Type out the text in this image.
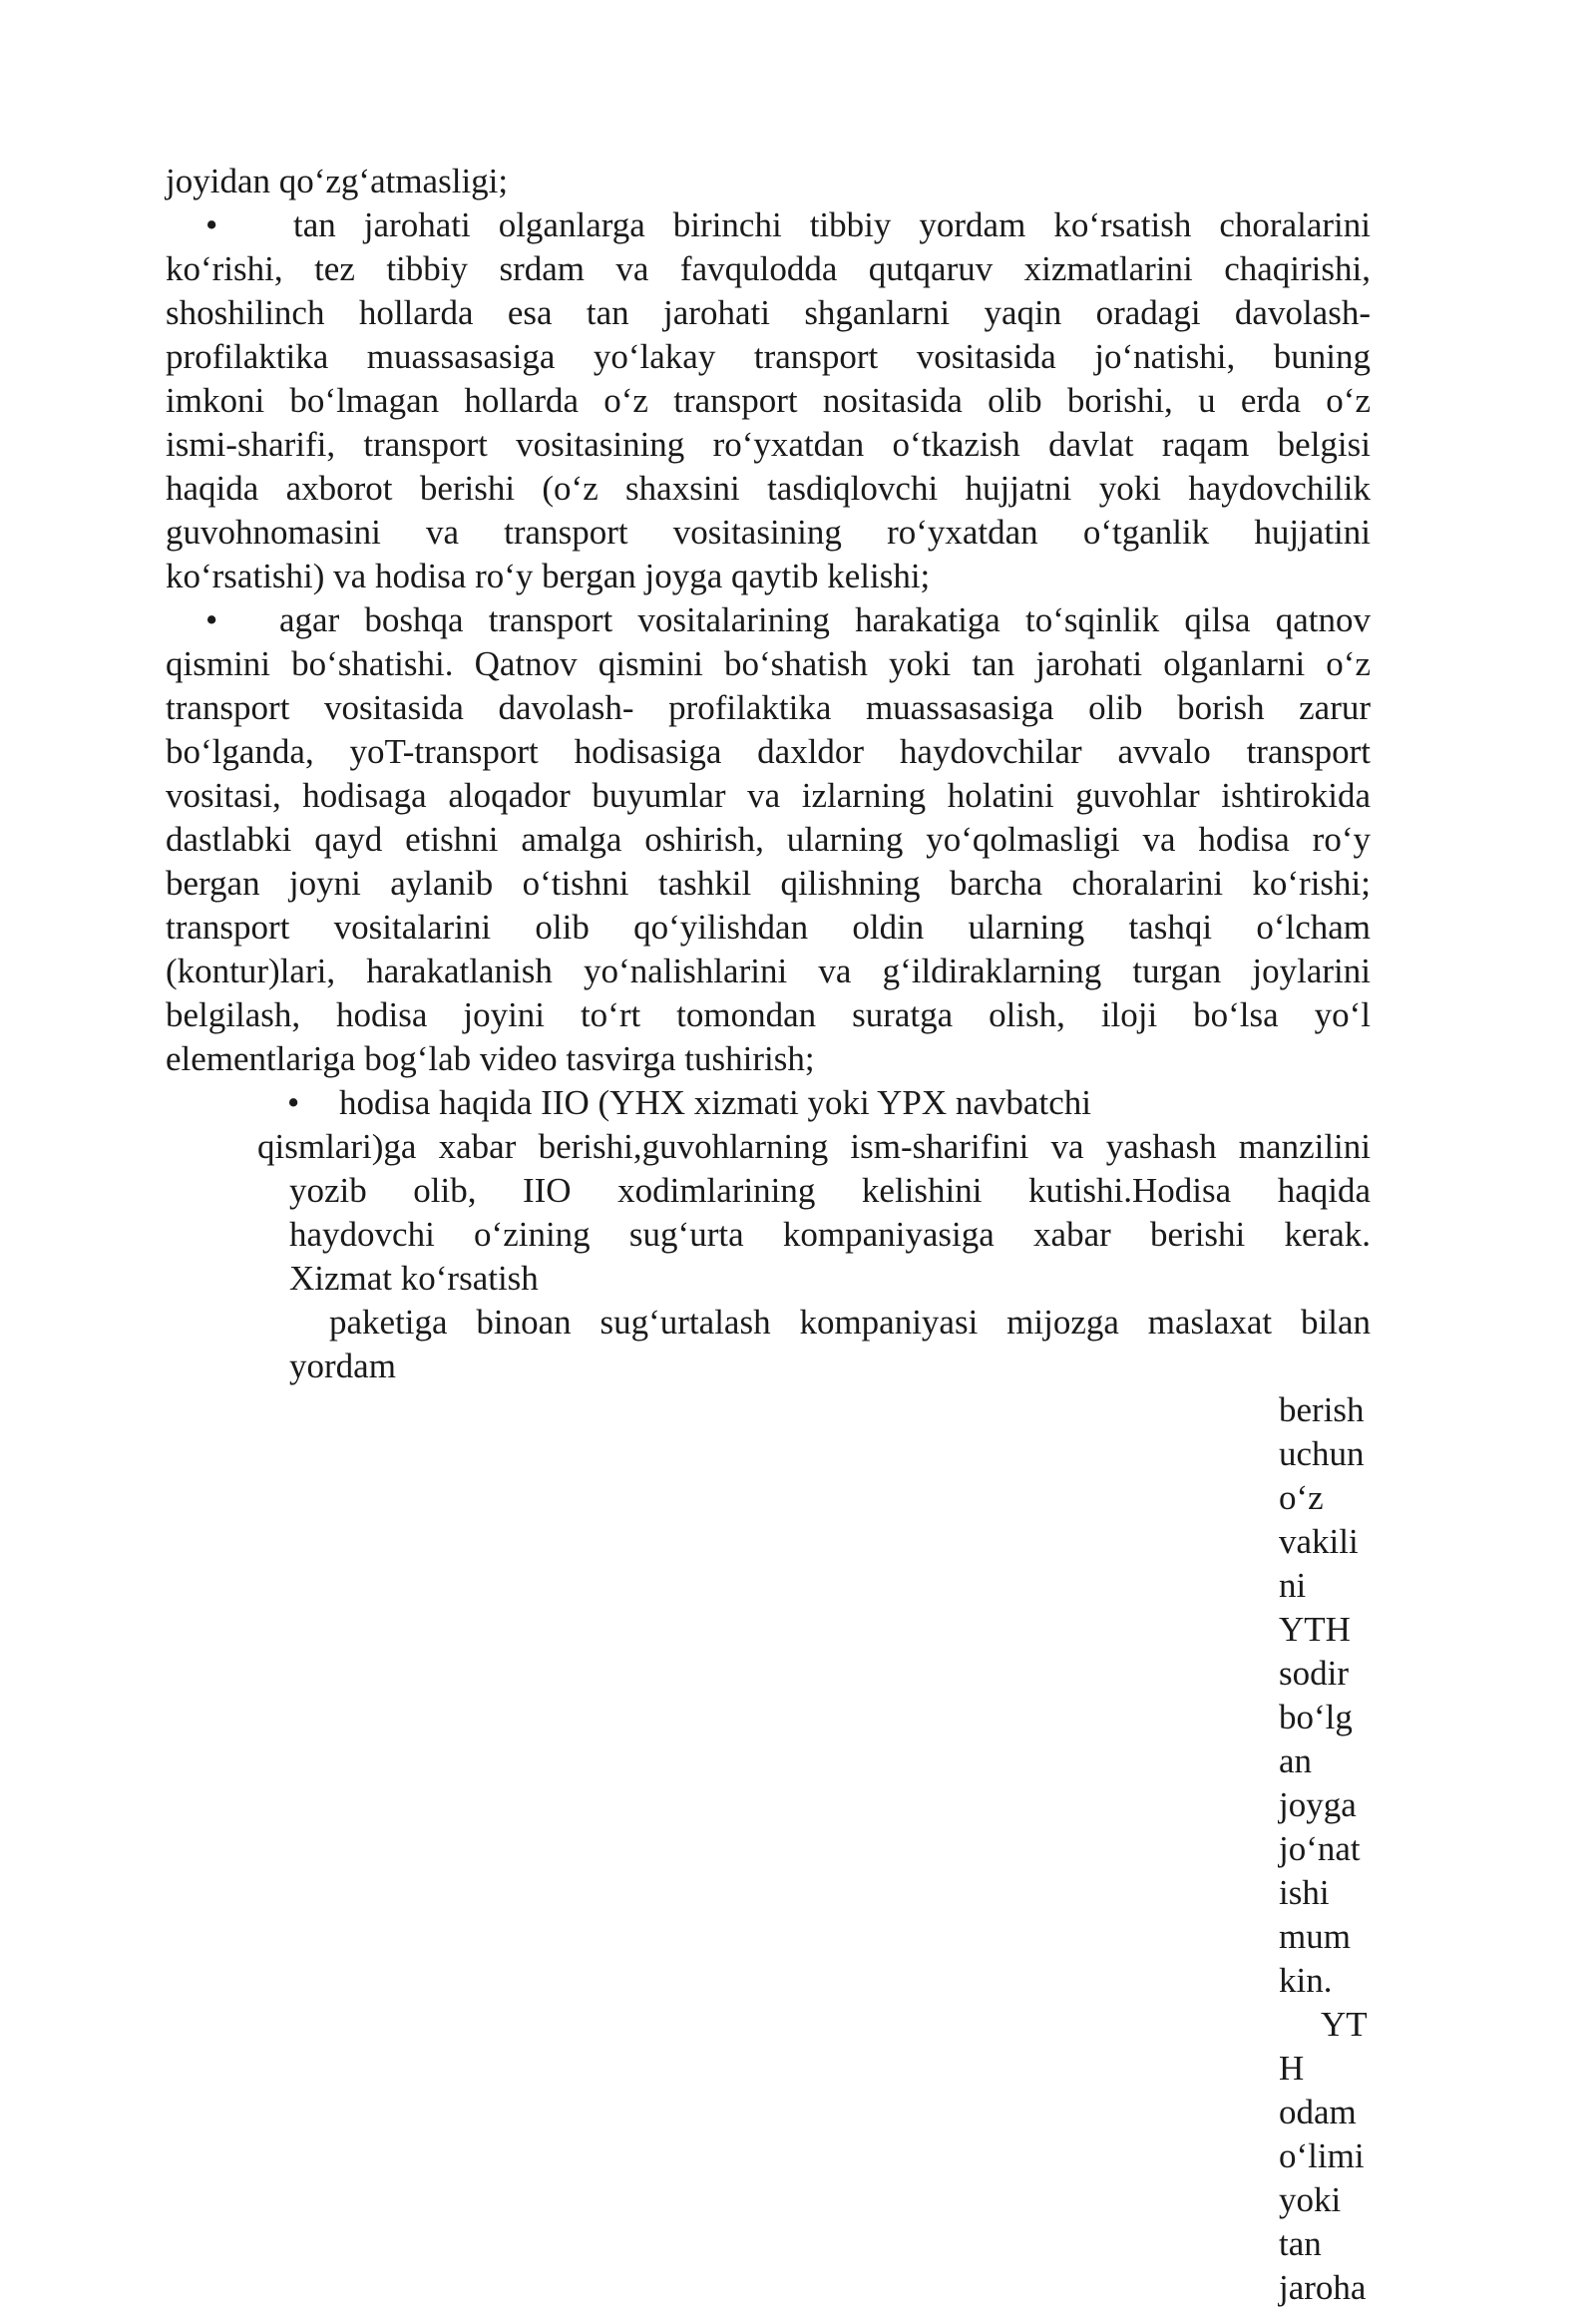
joyidan qo‘zg‘atmasligi;
• tan jarohati olganlarga birinchi tibbiy yordam ko‘rsatish choralarini
ko‘rishi, tez tibbiy srdam va favqulodda qutqaruv xizmatlarini chaqirishi,
shoshilinch hollarda esa tan jarohati shganlarni yaqin oradagi davolash-
profilaktika muassasasiga yo‘lakay transport vositasida jo‘natishi, buning
imkoni bo‘lmagan hollarda o‘z transport nositasida olib borishi, u erda o‘z
ismi-sharifi, transport vositasining ro‘yxatdan o‘tkazish davlat raqam belgisi
haqida axborot berishi (o‘z shaxsini tasdiqlovchi hujjatni yoki haydovchilik
guvohnomasini va transport vositasining ro‘yxatdan o‘tganlik hujjatini
ko‘rsatishi) va hodisa ro‘y bergan joyga qaytib kelishi;
• agar boshqa transport vositalarining harakatiga to‘sqinlik qilsa qatnov
qismini bo‘shatishi. Qatnov qismini bo‘shatish yoki tan jarohati olganlarni o‘z
transport vositasida davolash- profilaktika muassasasiga olib borish zarur
bo‘lganda, yoT-transport hodisasiga daxldor haydovchilar avvalo transport
vositasi, hodisaga aloqador buyumlar va izlarning holatini guvohlar ishtirokida
dastlabki qayd etishni amalga oshirish, ularning yo‘qolmasligi va hodisa ro‘y
bergan joyni aylanib o‘tishni tashkil qilishning barcha choralarini ko‘rishi;
transport vositalarini olib qo‘yilishdan oldin ularning tashqi o‘lcham
(kontur)lari, harakatlanish yo‘nalishlarini va g‘ildiraklarning turgan joylarini
belgilash, hodisa joyini to‘rt tomondan suratga olish, iloji bo‘lsa yo‘l
elementlariga bog‘lab video tasvirga tushirish;
• hodisa haqida IIO (YHX xizmati yoki YPX navbatchi
qismlari)ga xabar berishi,guvohlarning ism-sharifini va yashash manzilini
yozib olib, IIO xodimlarining kelishini kutishi.Hodisa haqida
haydovchi o‘zining sug‘urta kompaniyasiga xabar berishi kerak.
Xizmat ko‘rsatish
paketiga binoan sug‘urtalash kompaniyasi mijozga maslaxat bilan
yordam
berish
uchun
o‘z
vakili
ni
YTH
sodir
bo‘lg
an
joyga
jo‘nat
ishi
mum
kin.
YT
H
odam
o‘limi
yoki
tan
jaroha
